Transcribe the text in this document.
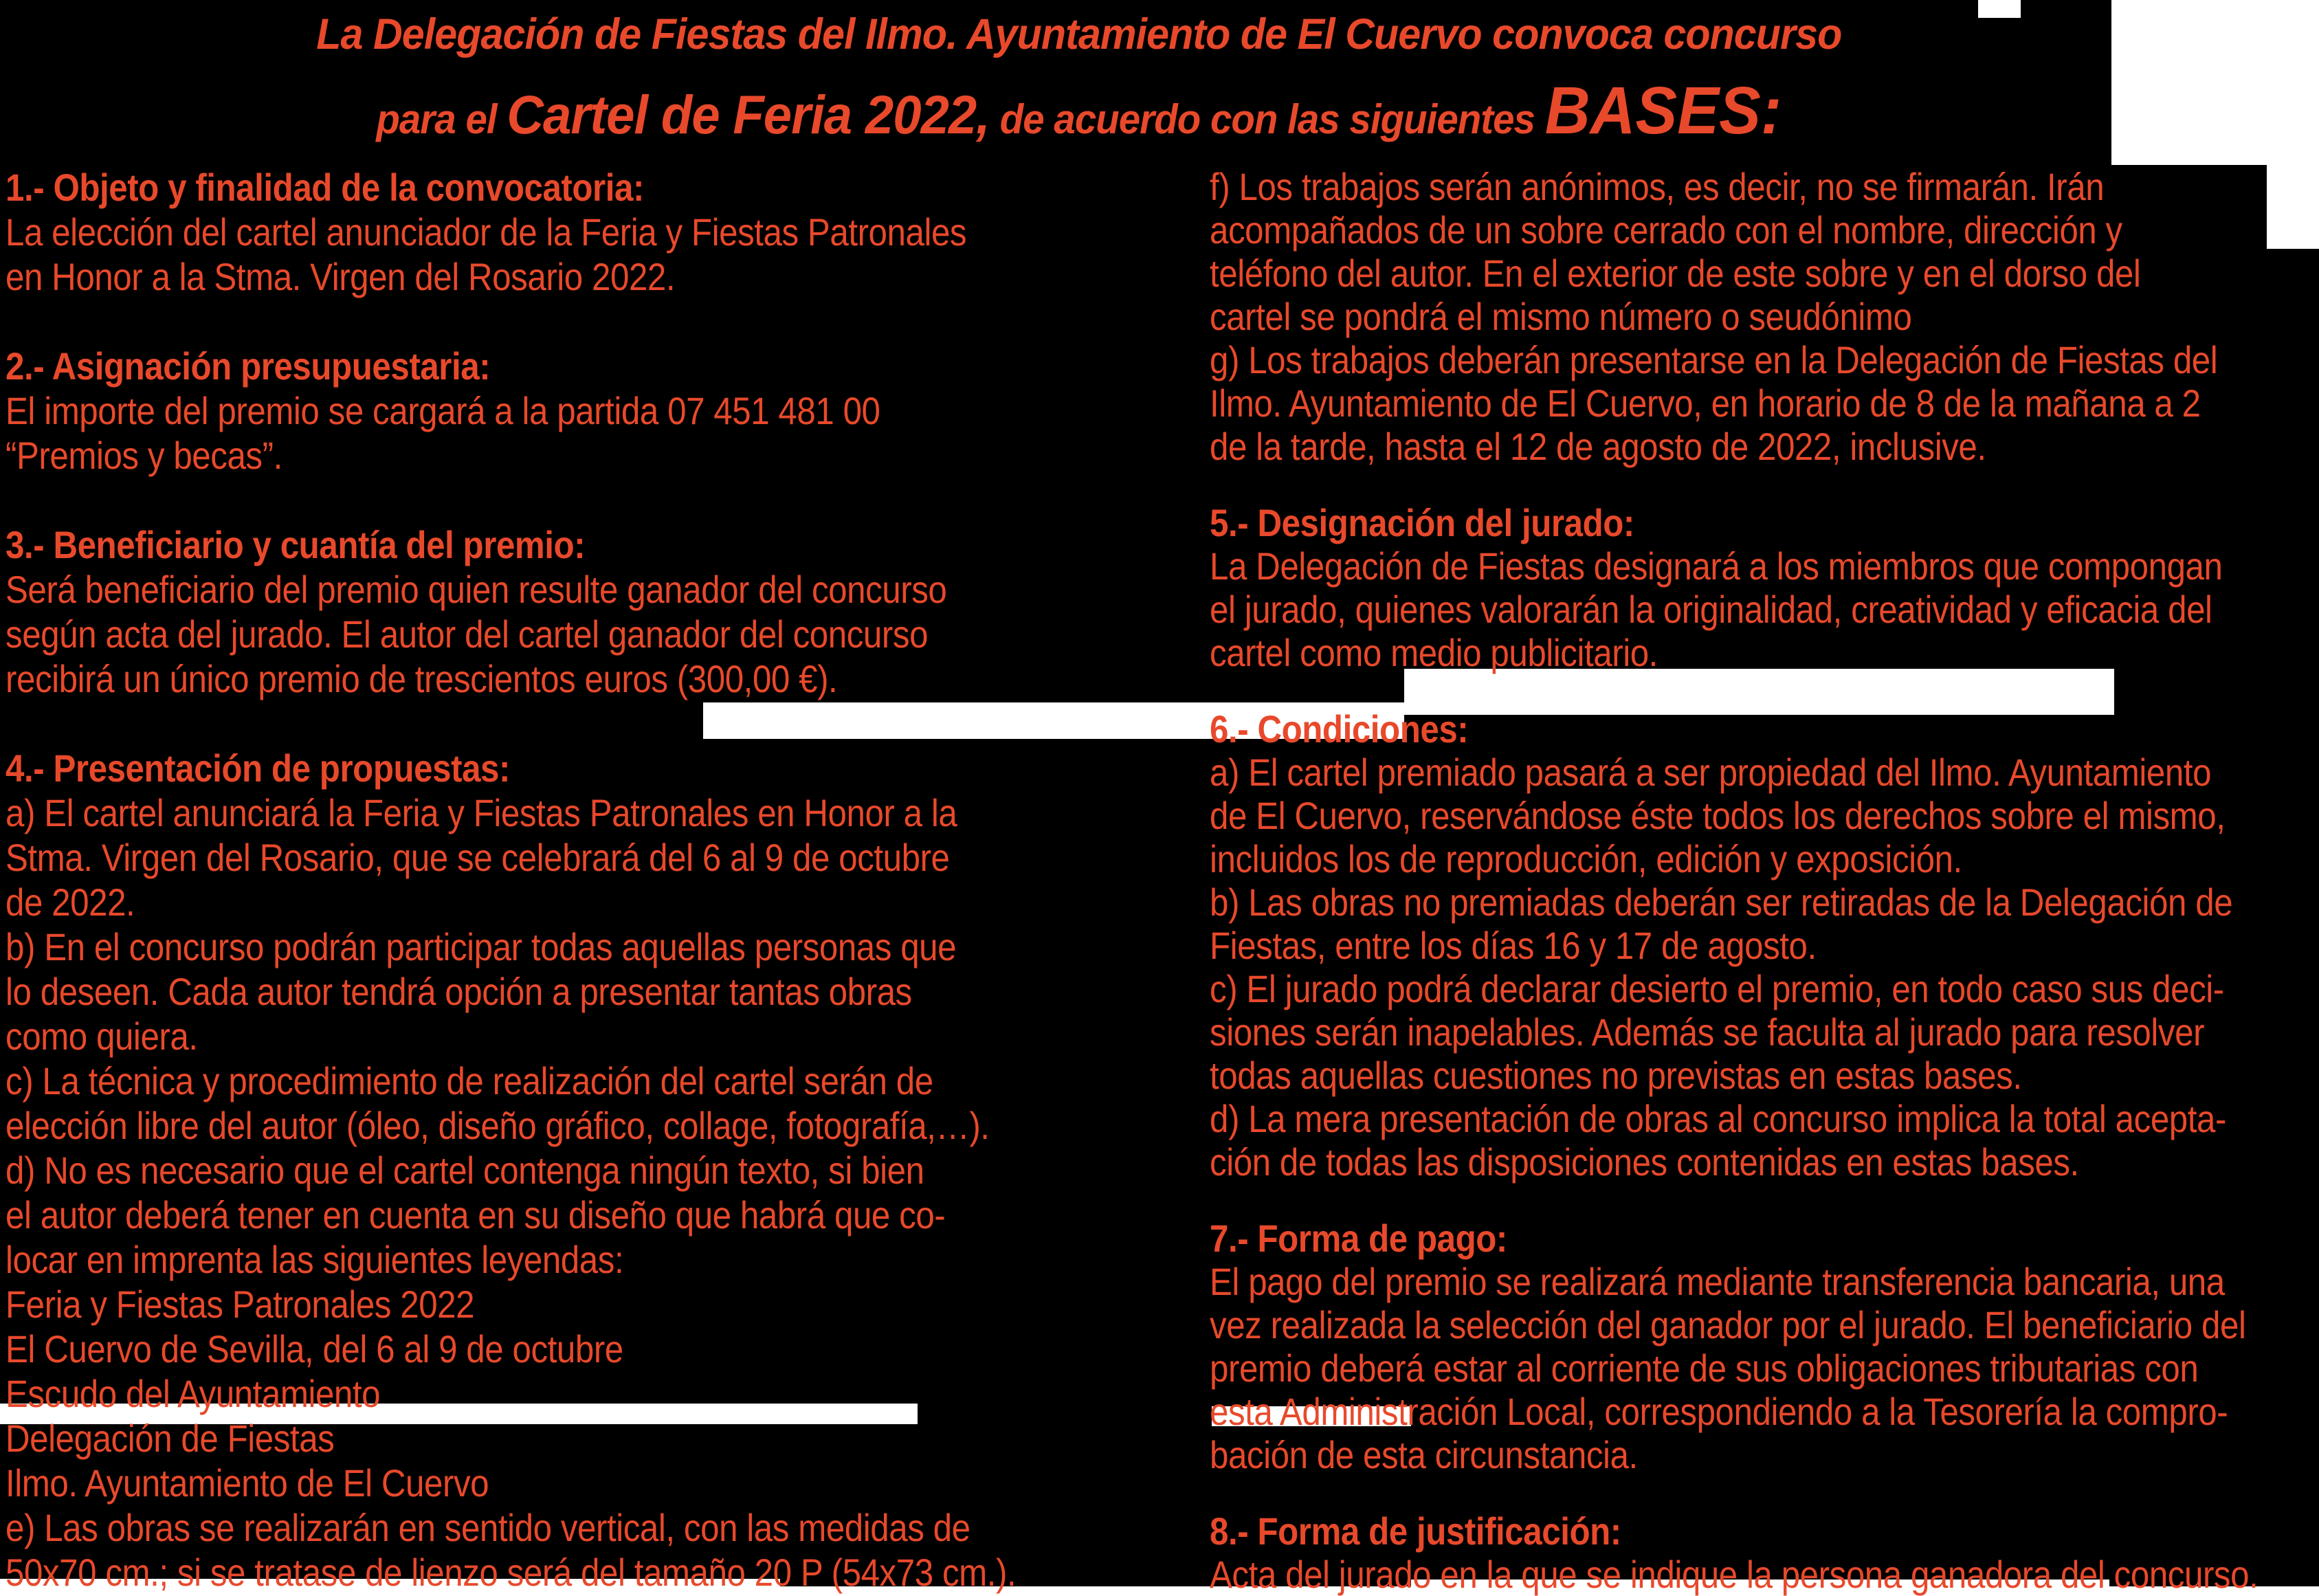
La Delegación de Fiestas del Ilmo. Ayuntamiento de El Cuervo convoca concurso
para el Cartel de Feria 2022, de acuerdo con las siguientes BASES:
1.- Objeto y finalidad de la convocatoria:
La elección del cartel anunciador de la Feria y Fiestas Patronales
en Honor a la Stma. Virgen del Rosario 2022.
2.- Asignación presupuestaria:
El importe del premio se cargará a la partida 07 451 481 00
“Premios y becas”.
3.- Beneficiario y cuantía del premio:
Será beneficiario del premio quien resulte ganador del concurso
según acta del jurado. El autor del cartel ganador del concurso
recibirá un único premio de trescientos euros (300,00 €).
4.- Presentación de propuestas:
a) El cartel anunciará la Feria y Fiestas Patronales en Honor a la
Stma. Virgen del Rosario, que se celebrará del 6 al 9 de octubre
de 2022.
b) En el concurso podrán participar todas aquellas personas que
lo deseen. Cada autor tendrá opción a presentar tantas obras
como quiera.
c) La técnica y procedimiento de realización del cartel serán de
elección libre del autor (óleo, diseño gráfico, collage, fotografía,…).
d) No es necesario que el cartel contenga ningún texto, si bien
el autor deberá tener en cuenta en su diseño que habrá que co-
locar en imprenta las siguientes leyendas:
Feria y Fiestas Patronales 2022
El Cuervo de Sevilla, del 6 al 9 de octubre
Escudo del Ayuntamiento
Delegación de Fiestas
Ilmo. Ayuntamiento de El Cuervo
e) Las obras se realizarán en sentido vertical, con las medidas de
50x70 cm.; si se tratase de lienzo será del tamaño 20 P (54x73 cm.).
f) Los trabajos serán anónimos, es decir, no se firmarán. Irán
acompañados de un sobre cerrado con el nombre, dirección y
teléfono del autor. En el exterior de este sobre y en el dorso del
cartel se pondrá el mismo número o seudónimo
g) Los trabajos deberán presentarse en la Delegación de Fiestas del
Ilmo. Ayuntamiento de El Cuervo, en horario de 8 de la mañana a 2
de la tarde, hasta el 12 de agosto de 2022, inclusive.
5.- Designación del jurado:
La Delegación de Fiestas designará a los miembros que compongan
el jurado, quienes valorarán la originalidad, creatividad y eficacia del
cartel como medio publicitario.
6.- Condiciones:
a) El cartel premiado pasará a ser propiedad del Ilmo. Ayuntamiento
de El Cuervo, reservándose éste todos los derechos sobre el mismo,
incluidos los de reproducción, edición y exposición.
b) Las obras no premiadas deberán ser retiradas de la Delegación de
Fiestas, entre los días 16 y 17 de agosto.
c) El jurado podrá declarar desierto el premio, en todo caso sus deci-
siones serán inapelables. Además se faculta al jurado para resolver
todas aquellas cuestiones no previstas en estas bases.
d) La mera presentación de obras al concurso implica la total acepta-
ción de todas las disposiciones contenidas en estas bases.
7.- Forma de pago:
El pago del premio se realizará mediante transferencia bancaria, una
vez realizada la selección del ganador por el jurado. El beneficiario del
premio deberá estar al corriente de sus obligaciones tributarias con
esta Administración Local, correspondiendo a la Tesorería la compro-
bación de esta circunstancia.
8.- Forma de justificación:
Acta del jurado en la que se indique la persona ganadora del concurso.
